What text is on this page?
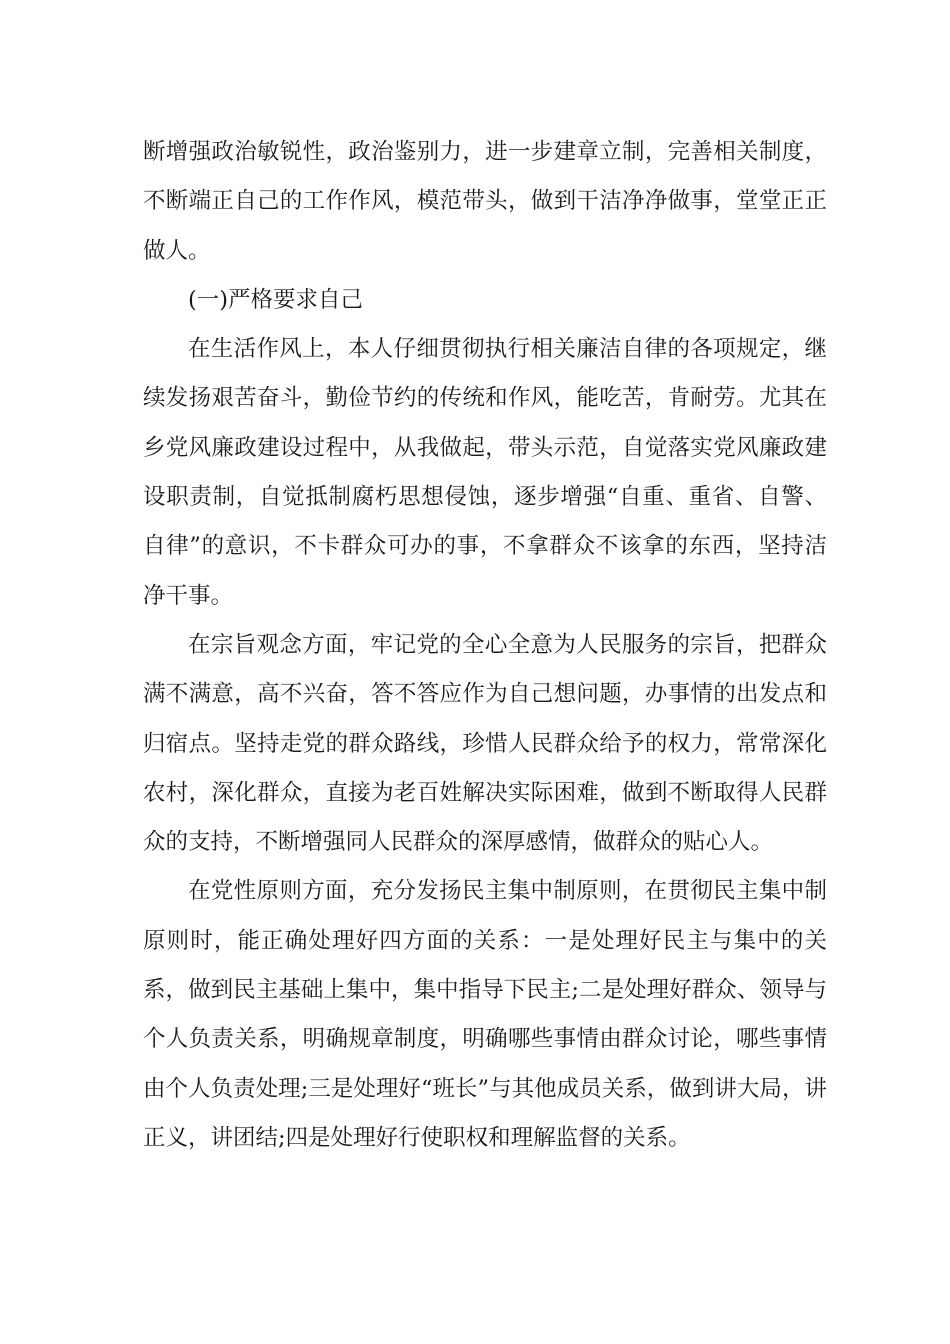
断增强政治敏锐性，政治鉴别力，进一步建章立制，完善相关制度，不断端正自己的工作作风，模范带头，做到干洁净净做事，堂堂正正做人。

(一)严格要求自己

在生活作风上，本人仔细贯彻执行相关廉洁自律的各项规定，继续发扬艰苦奋斗，勤俭节约的传统和作风，能吃苦，肯耐劳。尤其在乡党风廉政建设过程中，从我做起，带头示范，自觉落实党风廉政建设职责制，自觉抵制腐朽思想侵蚀，逐步增强“自重、重省、自警、自律”的意识，不卡群众可办的事，不拿群众不该拿的东西，坚持洁净干事。

在宗旨观念方面，牢记党的全心全意为人民服务的宗旨，把群众满不满意，高不兴奋，答不答应作为自己想问题，办事情的出发点和归宿点。坚持走党的群众路线，珍惜人民群众给予的权力，常常深化农村，深化群众，直接为老百姓解决实际困难，做到不断取得人民群众的支持，不断增强同人民群众的深厚感情，做群众的贴心人。

在党性原则方面，充分发扬民主集中制原则，在贯彻民主集中制原则时，能正确处理好四方面的关系：一是处理好民主与集中的关系，做到民主基础上集中，集中指导下民主;二是处理好群众、领导与个人负责关系，明确规章制度，明确哪些事情由群众讨论，哪些事情由个人负责处理;三是处理好“班长”与其他成员关系，做到讲大局，讲正义，讲团结;四是处理好行使职权和理解监督的关系。
